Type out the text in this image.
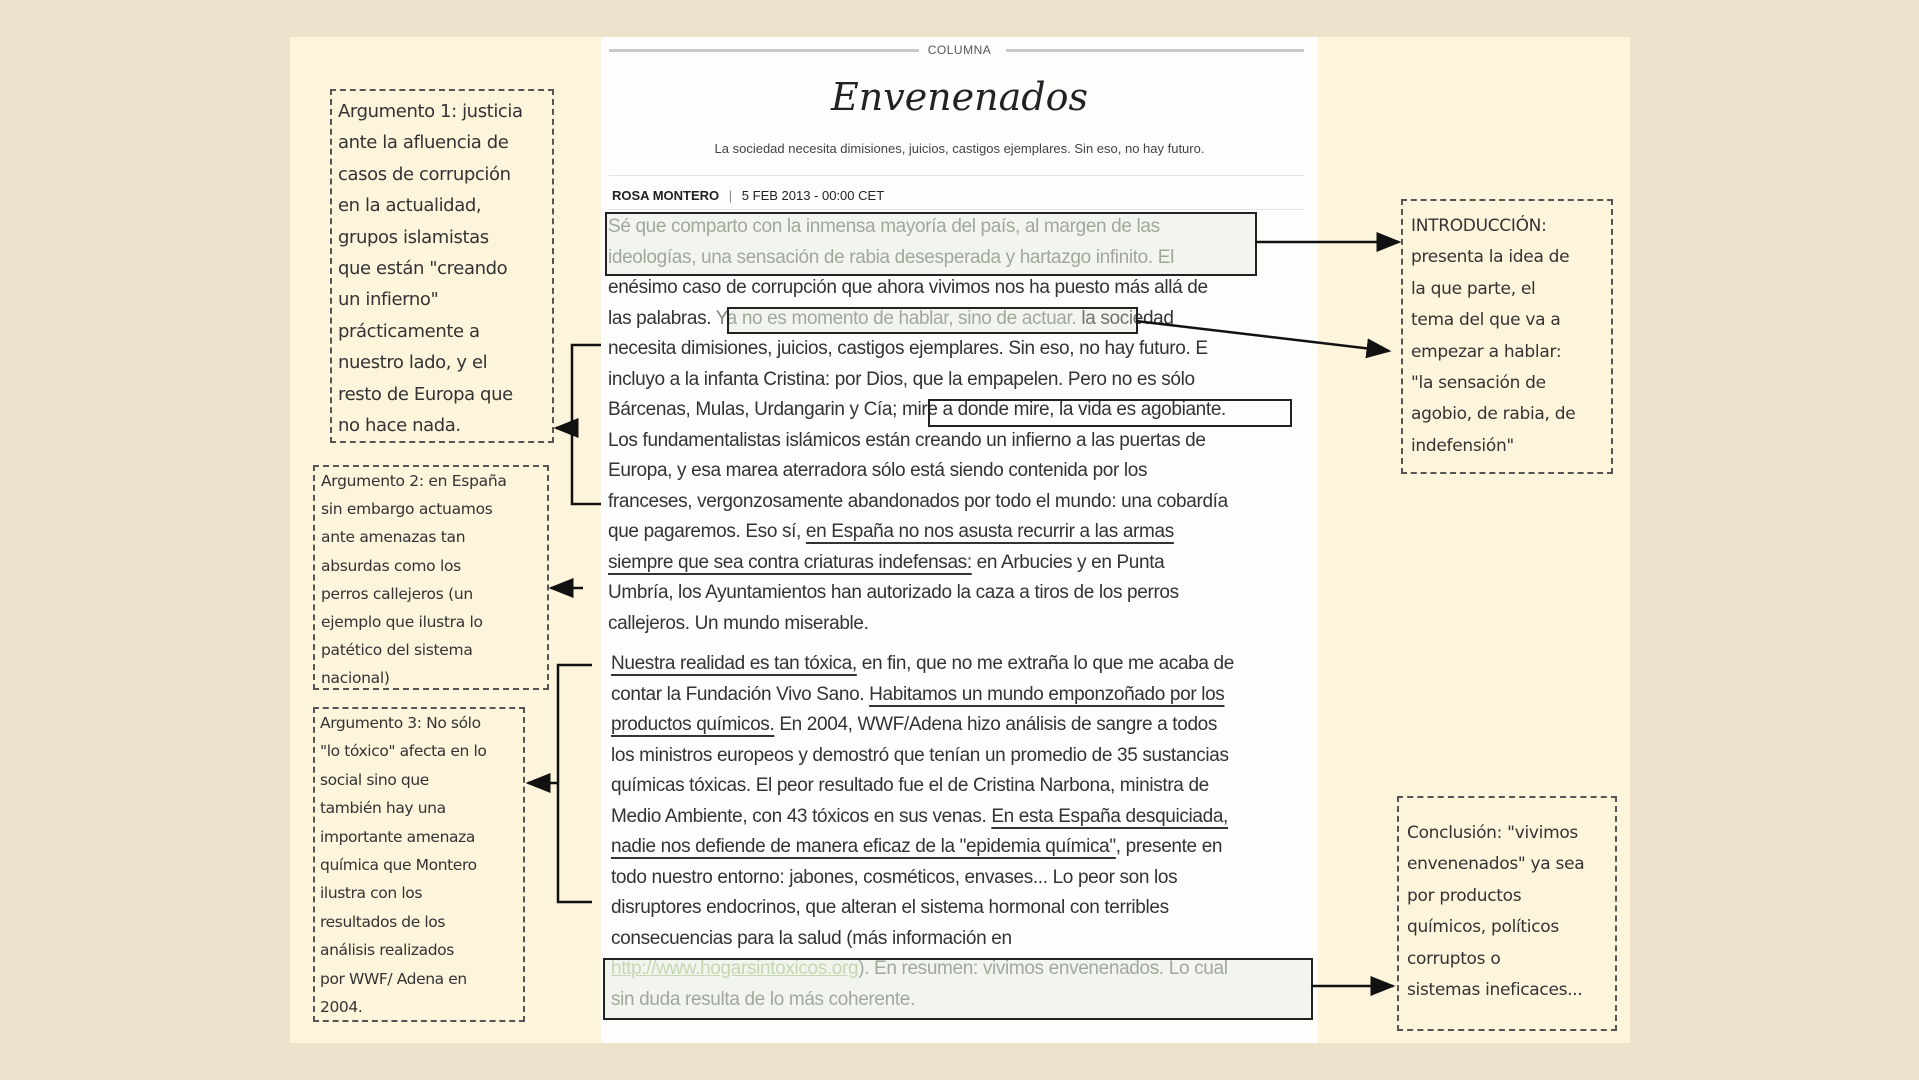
COLUMNA
Envenenados
La sociedad necesita dimisiones, juicios, castigos ejemplares. Sin eso, no hay futuro.
ROSA MONTERO | 5 FEB 2013 - 00:00 CET
Sé que comparto con la inmensa mayoría del país, al margen de las
ideologías, una sensación de rabia desesperada y hartazgo infinito. El
enésimo caso de corrupción que ahora vivimos nos ha puesto más allá de
las palabras. Ya no es momento de hablar, sino de actuar. la sociedad
necesita dimisiones, juicios, castigos ejemplares. Sin eso, no hay futuro. E
incluyo a la infanta Cristina: por Dios, que la empapelen. Pero no es sólo
Bárcenas, Mulas, Urdangarin y Cía; mire a donde mire, la vida es agobiante.
Los fundamentalistas islámicos están creando un infierno a las puertas de
Europa, y esa marea aterradora sólo está siendo contenida por los
franceses, vergonzosamente abandonados por todo el mundo: una cobardía
que pagaremos. Eso sí, en España no nos asusta recurrir a las armas
siempre que sea contra criaturas indefensas: en Arbucies y en Punta
Umbría, los Ayuntamientos han autorizado la caza a tiros de los perros
callejeros. Un mundo miserable.
Nuestra realidad es tan tóxica, en fin, que no me extraña lo que me acaba de
contar la Fundación Vivo Sano. Habitamos un mundo emponzoñado por los
productos químicos. En 2004, WWF/Adena hizo análisis de sangre a todos
los ministros europeos y demostró que tenían un promedio de 35 sustancias
químicas tóxicas. El peor resultado fue el de Cristina Narbona, ministra de
Medio Ambiente, con 43 tóxicos en sus venas. En esta España desquiciada,
nadie nos defiende de manera eficaz de la "epidemia química", presente en
todo nuestro entorno: jabones, cosméticos, envases... Lo peor son los
disruptores endocrinos, que alteran el sistema hormonal con terribles
consecuencias para la salud (más información en
http://www.hogarsintoxicos.org). En resumen: vivimos envenenados. Lo cual
sin duda resulta de lo más coherente.
Argumento 1: justicia
ante la afluencia de
casos de corrupción
en la actualidad,
grupos islamistas
que están "creando
un infierno"
prácticamente a
nuestro lado, y el
resto de Europa que
no hace nada.
Argumento 2: en España
sin embargo actuamos
ante amenazas tan
absurdas como los
perros callejeros (un
ejemplo que ilustra lo
patético del sistema
nacional)
Argumento 3: No sólo
"lo tóxico" afecta en lo
social sino que
también hay una
importante amenaza
química que Montero
ilustra con los
resultados de los
análisis realizados
por WWF/ Adena en
2004.
INTRODUCCIÓN:
presenta la idea de
la que parte, el
tema del que va a
empezar a hablar:
"la sensación de
agobio, de rabia, de
indefensión"
Conclusión: "vivimos
envenenados" ya sea
por productos
químicos, políticos
corruptos o
sistemas ineficaces...
